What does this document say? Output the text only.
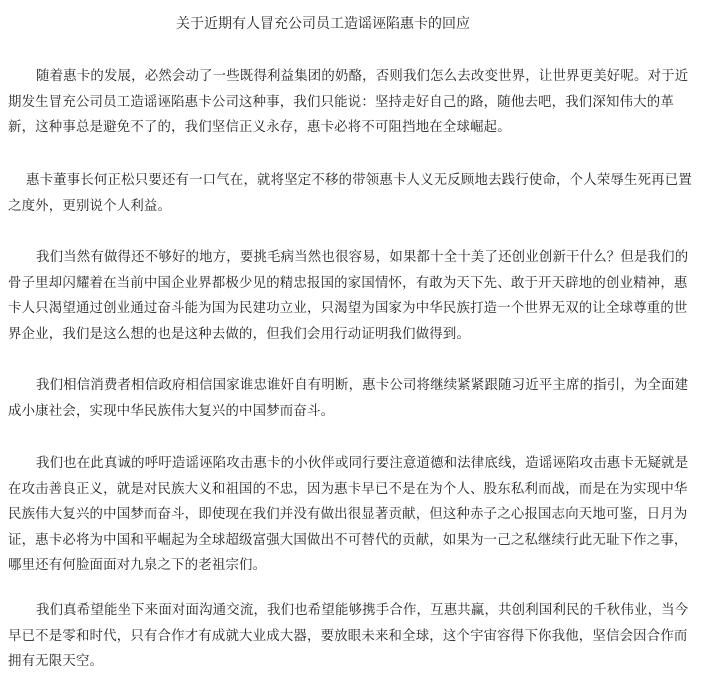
关于近期有人冒充公司员工造谣诬陷惠卡的回应
随着惠卡的发展，必然会动了一些既得利益集团的奶酪，否则我们怎么去改变世界，让世界更美好呢。对于近
期发生冒充公司员工造谣诬陷惠卡公司这种事，我们只能说：坚持走好自己的路，随他去吧，我们深知伟大的革
新，这种事总是避免不了的，我们坚信正义永存，惠卡必将不可阻挡地在全球崛起。
惠卡董事长何正松只要还有一口气在，就将坚定不移的带领惠卡人义无反顾地去践行使命，个人荣辱生死再已置
之度外，更别说个人利益。
我们当然有做得还不够好的地方，要挑毛病当然也很容易，如果都十全十美了还创业创新干什么？但是我们的
骨子里却闪耀着在当前中国企业界都极少见的精忠报国的家国情怀，有敢为天下先、敢于开天辟地的创业精神，惠
卡人只渴望通过创业通过奋斗能为国为民建功立业，只渴望为国家为中华民族打造一个世界无双的让全球尊重的世
界企业，我们是这么想的也是这种去做的，但我们会用行动证明我们做得到。
我们相信消费者相信政府相信国家谁忠谁奸自有明断，惠卡公司将继续紧紧跟随习近平主席的指引，为全面建
成小康社会，实现中华民族伟大复兴的中国梦而奋斗。
我们也在此真诚的呼吁造谣诬陷攻击惠卡的小伙伴或同行要注意道德和法律底线，造谣诬陷攻击惠卡无疑就是
在攻击善良正义，就是对民族大义和祖国的不忠，因为惠卡早已不是在为个人、股东私利而战，而是在为实现中华
民族伟大复兴的中国梦而奋斗，即使现在我们并没有做出很显著贡献，但这种赤子之心报国志向天地可鉴，日月为
证，惠卡必将为中国和平崛起为全球超级富强大国做出不可替代的贡献，如果为一己之私继续行此无耻下作之事，
哪里还有何脸面面对九泉之下的老祖宗们。
我们真希望能坐下来面对面沟通交流，我们也希望能够携手合作，互惠共赢，共创利国利民的千秋伟业，当今
早已不是零和时代，只有合作才有成就大业成大器，要放眼未来和全球，这个宇宙容得下你我他，坚信会因合作而
拥有无限天空。
